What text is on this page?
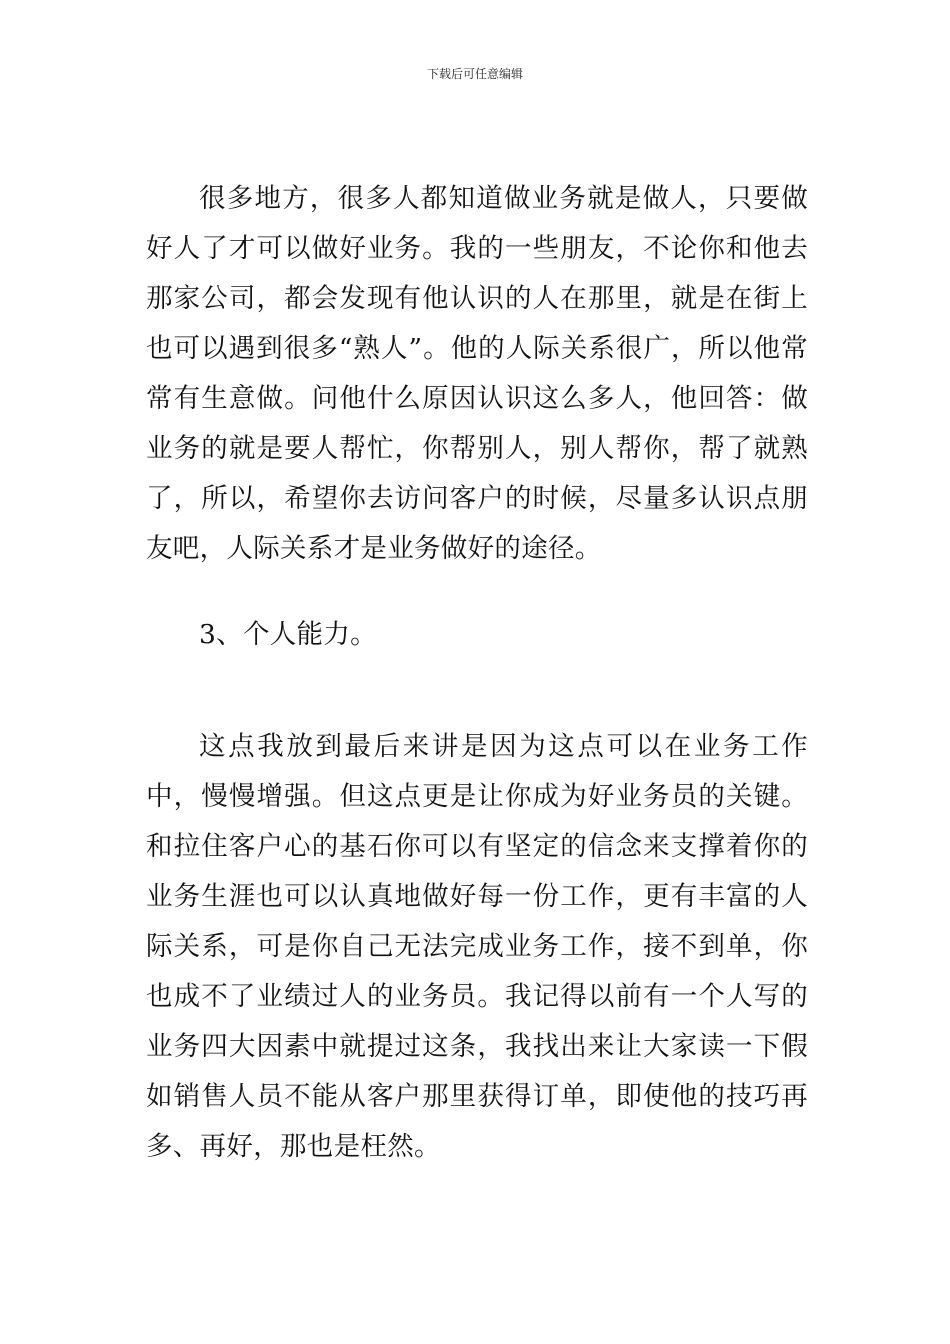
下载后可任意编辑

很多地方，很多人都知道做业务就是做人，只要做好人了才可以做好业务。我的一些朋友，不论你和他去那家公司，都会发现有他认识的人在那里，就是在街上也可以遇到很多“熟人”。他的人际关系很广，所以他常常有生意做。问他什么原因认识这么多人，他回答：做业务的就是要人帮忙，你帮别人，别人帮你，帮了就熟了，所以，希望你去访问客户的时候，尽量多认识点朋友吧，人际关系才是业务做好的途径。

3、个人能力。

这点我放到最后来讲是因为这点可以在业务工作中，慢慢增强。但这点更是让你成为好业务员的关键。和拉住客户心的基石你可以有坚定的信念来支撑着你的业务生涯也可以认真地做好每一份工作，更有丰富的人际关系，可是你自己无法完成业务工作，接不到单，你也成不了业绩过人的业务员。我记得以前有一个人写的业务四大因素中就提过这条，我找出来让大家读一下假如销售人员不能从客户那里获得订单，即使他的技巧再多、再好，那也是枉然。
